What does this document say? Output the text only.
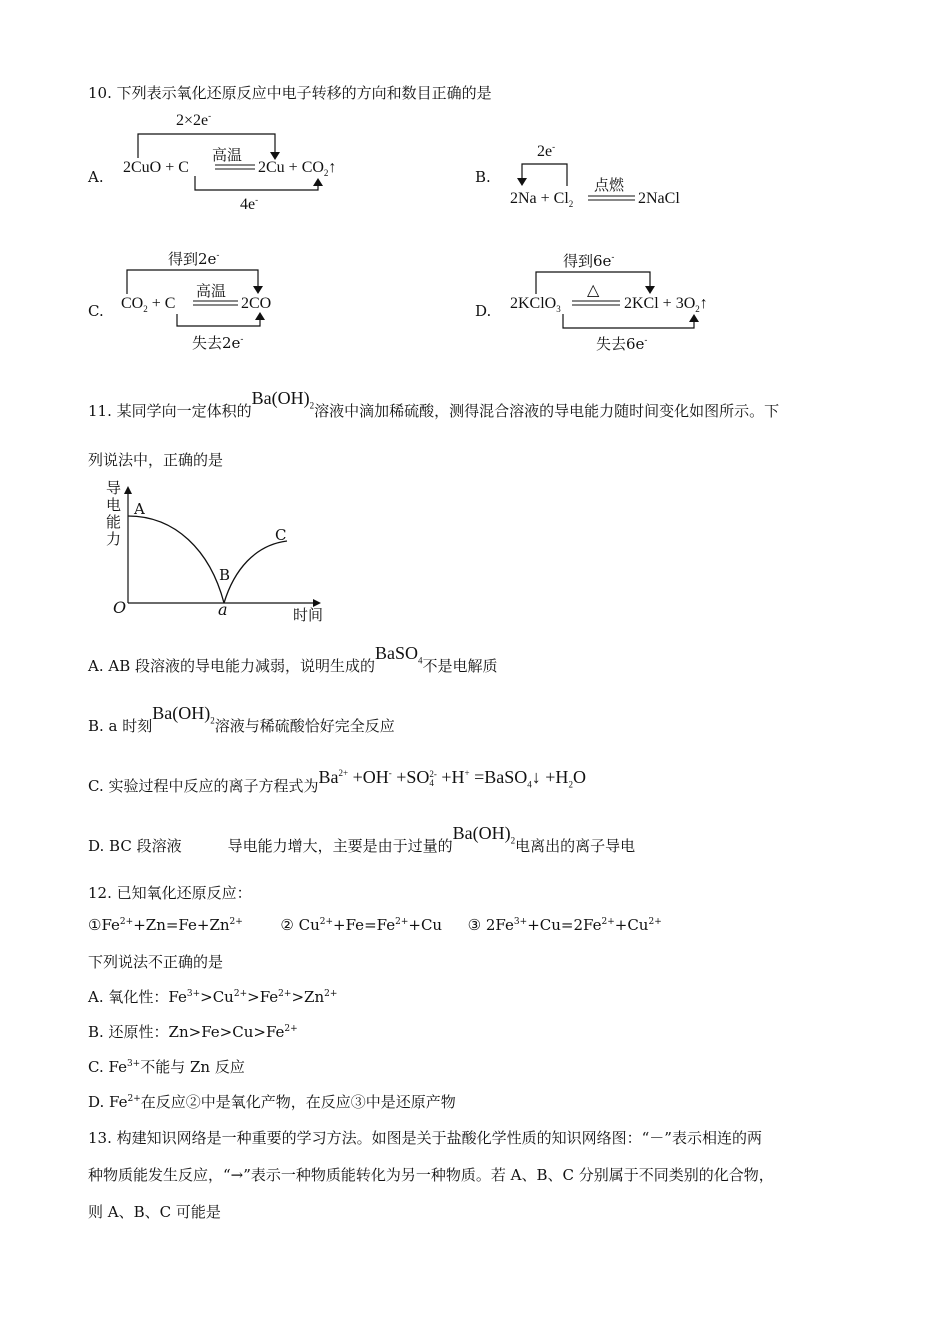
10. 下列表示氧化还原反应中电子转移的方向和数目正确的是
A.
2×2e-
高温
2CuO + C	$2Cu + CO_2↑$
4e-
B.
2e-
点燃
$2Na + Cl_2$	2NaCl
C.
得到2e-
高温
$CO_2 + C$	2CO
失去2e-
D.
得到6e-
△
2KClO$_3$	$2KCl + 3O_2↑$
失去6e-
11. 某同学向一定体积的$Ba(OH)_2$溶液中滴加稀硫酸，测得混合溶液的导电能力随时间变化如图所示。下
列说法中，正确的是
导电能力
A
B
C
O	a	时间
A. AB 段溶液的导电能力减弱，说明生成的BaSO$_4$不是电解质
B. a 时刻$Ba(OH)_2$溶液与稀硫酸恰好完全反应
C. 实验过程中反应的离子方程式为$Ba^{2+} +OH^- +SO2-$
4 +H+ =BaSO$_4$↓ $+H_2O$
D. BC 段溶液	导电能力增大，主要是由于过量的$Ba(OH)_2$电离出的离子导电
12. 已知氧化还原反应：
$①Fe^{2+}+Zn=Fe+Zn^{2+}$	② $Cu^{2+}+Fe=Fe^{2+}+Cu$ ③ $2Fe^{3+}+Cu=2Fe^{2+}+Cu^{2+}$
下列说法不正确的是
A. 氧化性：$Fe^{3+}>Cu^{2+}>Fe^{2+}>Zn^{2+}$
B. 还原性：$Zn>Fe>Cu>Fe^{2+}$
C. $Fe^{3+}$不能与 Zn 反应
D. $Fe^{2+}$在反应②中是氧化产物，在反应③中是还原产物
13. 构建知识网络是一种重要的学习方法。如图是关于盐酸化学性质的知识网络图：“－”表示相连的两
种物质能发生反应，“→”表示一种物质能转化为另一种物质。若 A、B、C 分别属于不同类别的化合物，
则 A、B、C 可能是
